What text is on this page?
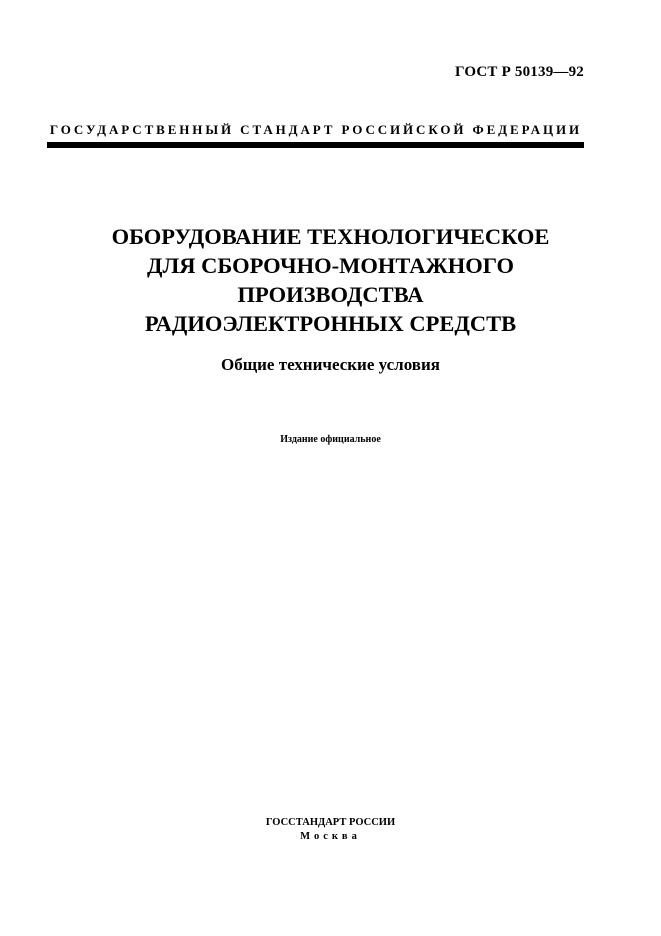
ГОСТ Р 50139—92
ГОСУДАРСТВЕННЫЙ СТАНДАРТ РОССИЙСКОЙ ФЕДЕРАЦИИ
ОБОРУДОВАНИЕ ТЕХНОЛОГИЧЕСКОЕ
ДЛЯ СБОРОЧНО-МОНТАЖНОГО
ПРОИЗВОДСТВА
РАДИОЭЛЕКТРОННЫХ СРЕДСТВ
Общие технические условия
Издание официальное
ГОССТАНДАРТ РОССИИ
Москва
